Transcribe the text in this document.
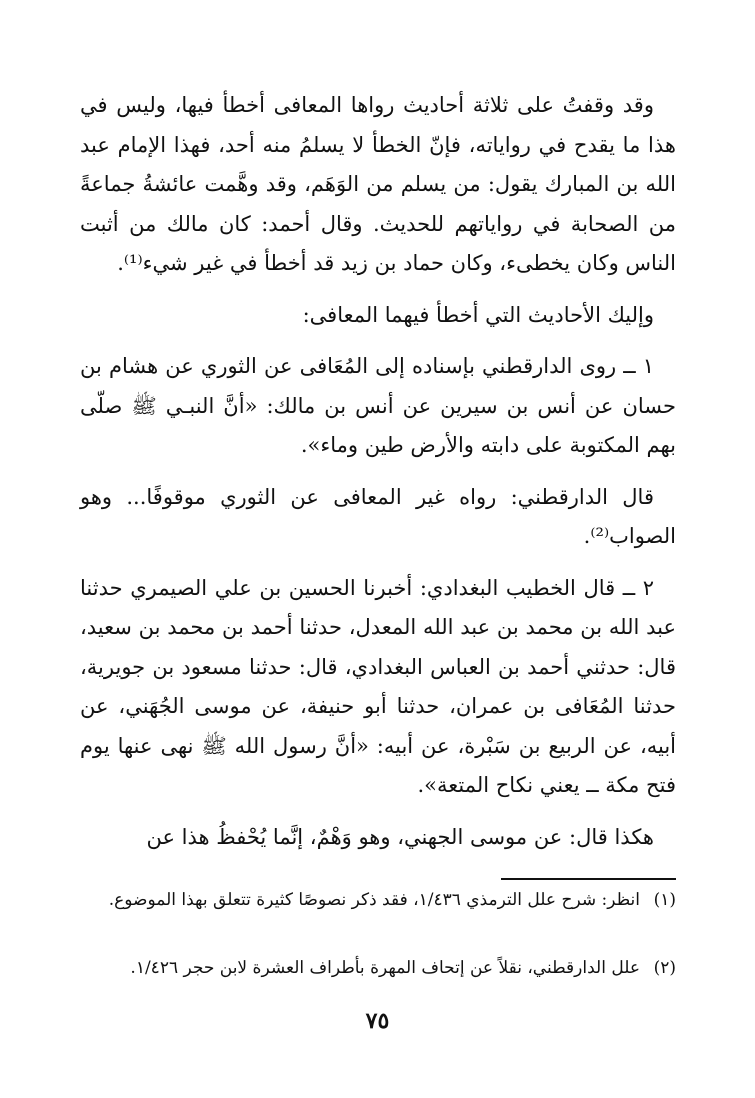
وقد وقفتُ على ثلاثة أحاديث رواها المعافى أخطأ فيها، وليس في هذا ما يقدح في رواياته، فإنّ الخطأ لا يسلمُ منه أحد، فهذا الإمام عبد الله بن المبارك يقول: من يسلم من الوَهَم، وقد وهَّمت عائشةُ جماعةً من الصحابة في رواياتهم للحديث. وقال أحمد: كان مالك من أثبت الناس وكان يخطىء، وكان حماد بن زيد قد أخطأ في غير شيء⁽¹⁾.

وإليك الأحاديث التي أخطأ فيهما المعافى:

١ ــ روى الدارقطني بإسناده إلى المُعَافى عن الثوري عن هشام بن حسان عن أنس بن سيرين عن أنس بن مالك: «أنَّ النبـي ﷺ صلّى بهم المكتوبة على دابته والأرض طين وماء».

قال الدارقطني: رواه غير المعافى عن الثوري موقوفًا... وهو الصواب⁽²⁾.

٢ ــ قال الخطيب البغدادي: أخبرنا الحسين بن علي الصيمري حدثنا عبد الله بن محمد بن عبد الله المعدل، حدثنا أحمد بن محمد بن سعيد، قال: حدثني أحمد بن العباس البغدادي، قال: حدثنا مسعود بن جويرية، حدثنا المُعَافى بن عمران، حدثنا أبو حنيفة، عن موسى الجُهَني، عن أبيه، عن الربيع بن سَبْرة، عن أبيه: «أنَّ رسول الله ﷺ نهى عنها يوم فتح مكة ــ يعني نكاح المتعة».

هكذا قال: عن موسى الجهني، وهو وَهْمٌ، إنَّما يُحْفظُ هذا عن

(١)انظر: شرح علل الترمذي ١/٤٣٦، فقد ذكر نصوصًا كثيرة تتعلق بهذا الموضوع.
(٢)علل الدارقطني، نقلاً عن إتحاف المهرة بأطراف العشرة لابن حجر ١/٤٢٦.
٧٥
